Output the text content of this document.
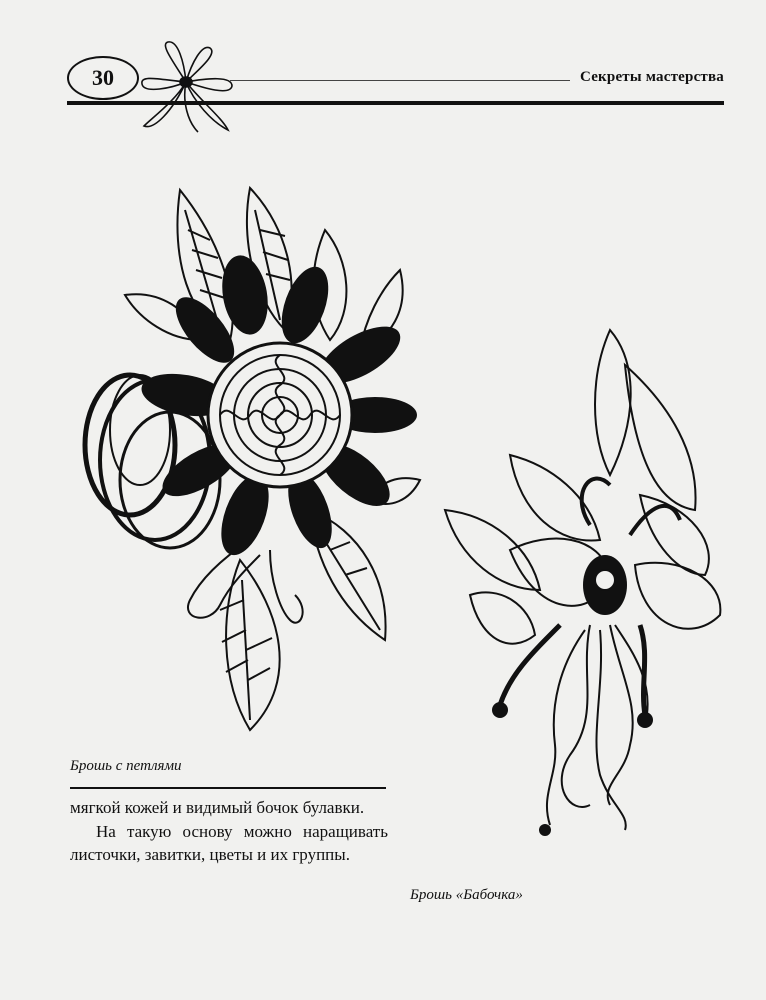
30	Секреты мастерства
Брошь с петлями

мягкой кожей и видимый бочок булавки.

На такую основу можно наращивать листочки, завитки, цветы и их группы.

Брошь «Бабочка»
